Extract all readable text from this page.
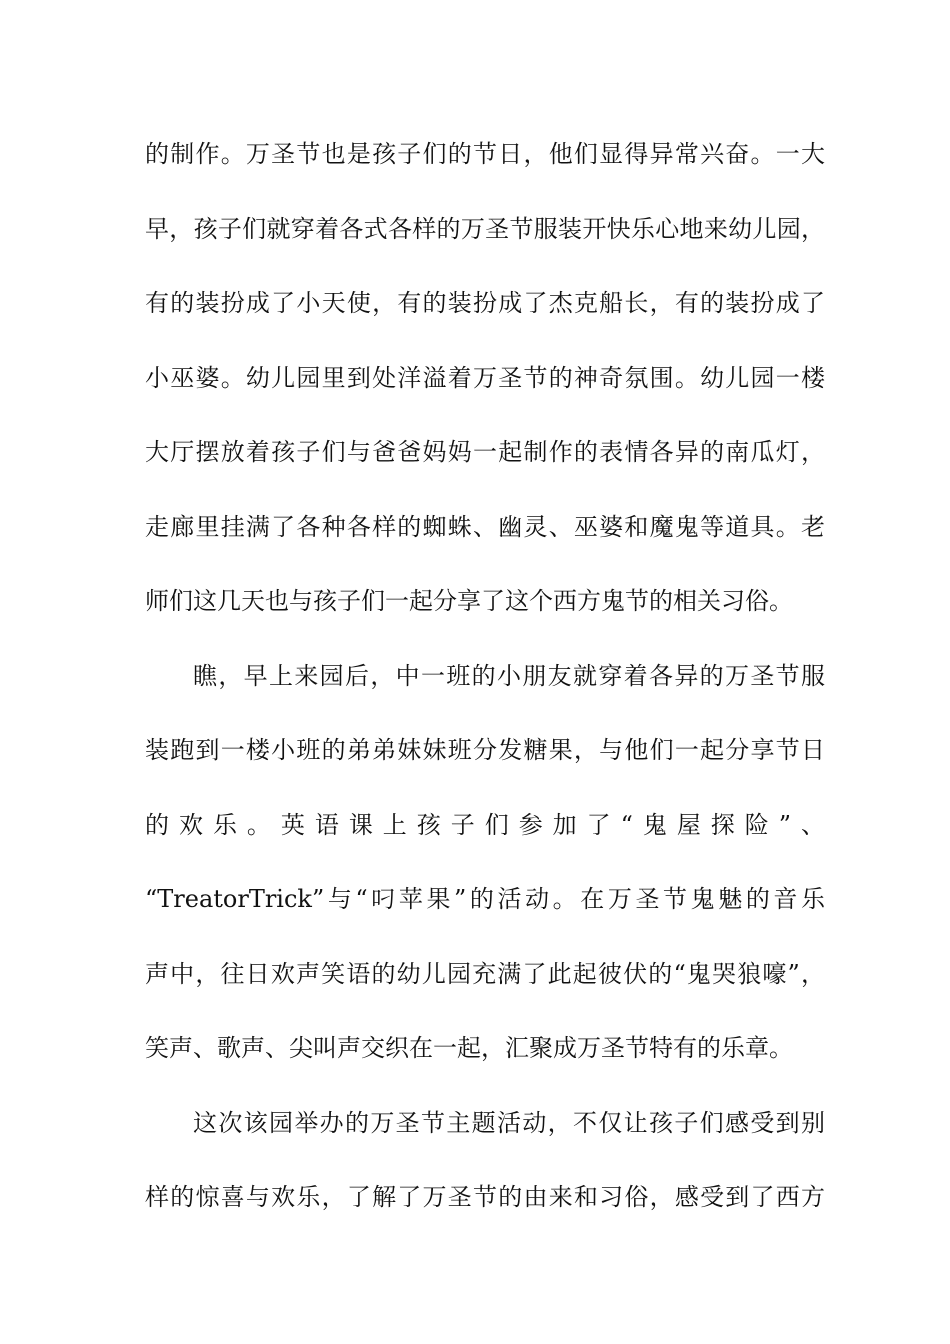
的制作。万圣节也是孩子们的节日，他们显得异常兴奋。一大
早，孩子们就穿着各式各样的万圣节服装开快乐心地来幼儿园，
有的装扮成了小天使，有的装扮成了杰克船长，有的装扮成了
小巫婆。幼儿园里到处洋溢着万圣节的神奇氛围。幼儿园一楼
大厅摆放着孩子们与爸爸妈妈一起制作的表情各异的南瓜灯，
走廊里挂满了各种各样的蜘蛛、幽灵、巫婆和魔鬼等道具。老
师们这几天也与孩子们一起分享了这个西方鬼节的相关习俗。
瞧，早上来园后，中一班的小朋友就穿着各异的万圣节服
装跑到一楼小班的弟弟妹妹班分发糖果，与他们一起分享节日
的欢乐。英语课上孩子们参加了“鬼屋探险”、
“TreatorTrick”与“叼苹果”的活动。在万圣节鬼魅的音乐
声中，往日欢声笑语的幼儿园充满了此起彼伏的“鬼哭狼嚎”，
笑声、歌声、尖叫声交织在一起，汇聚成万圣节特有的乐章。
这次该园举办的万圣节主题活动，不仅让孩子们感受到别
样的惊喜与欢乐，了解了万圣节的由来和习俗，感受到了西方
